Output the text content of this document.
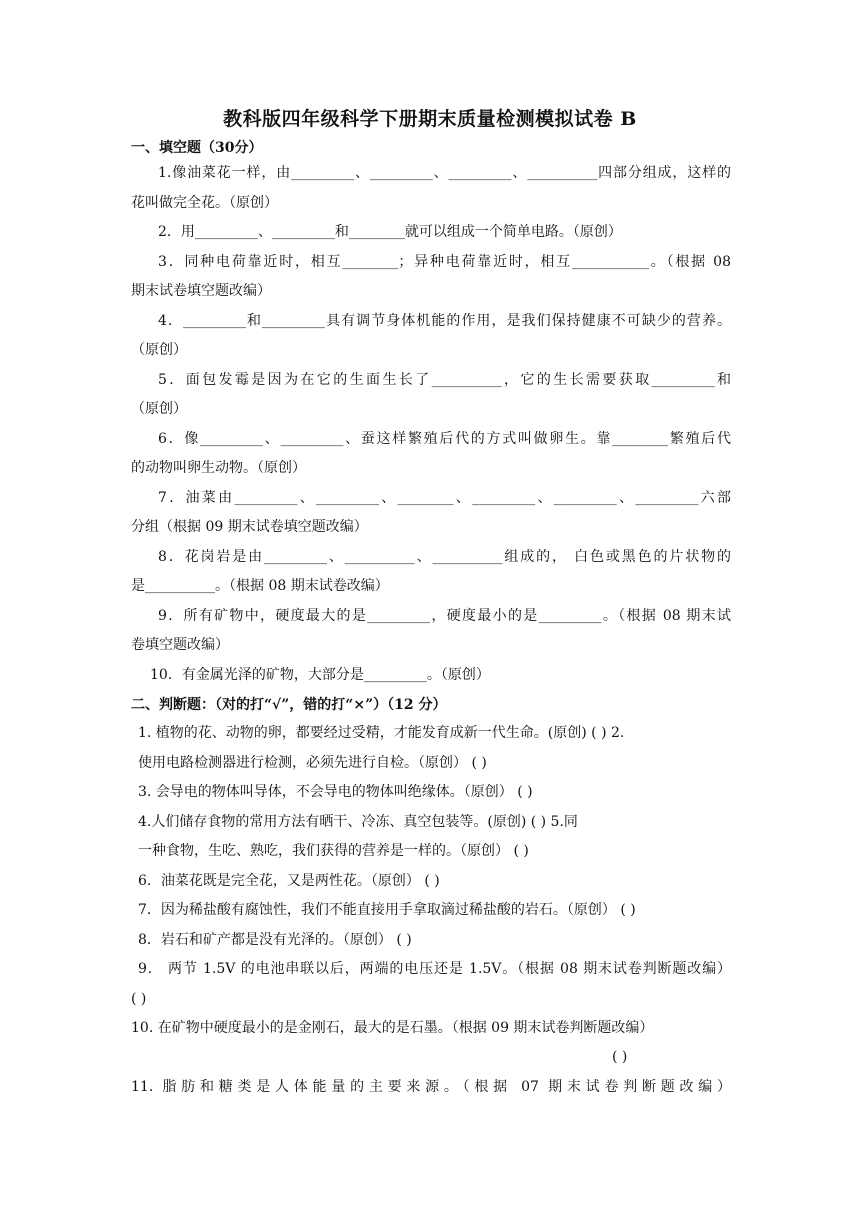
教科版四年级科学下册期末质量检测模拟试卷 B
一、填空题（30分）
1.像油菜花一样，由_________、_________、_________、__________四部分组成，这样的
花叫做完全花。（原创）
2．用_________、_________和________就可以组成一个简单电路。（原创）
3．同种电荷靠近时，相互________；异种电荷靠近时，相互___________。（根据 08
期末试卷填空题改编）
4．_________和_________具有调节身体机能的作用，是我们保持健康不可缺少的营养。
（原创）
5．面包发霉是因为在它的生面生长了__________，它的生长需要获取_________和
（原创）
6．像_________、_________、蚕这样繁殖后代的方式叫做卵生。靠________繁殖后代
的动物叫卵生动物。（原创）
7．油菜由_________、_________、________、_________、_________、_________六部
分组（根据 09 期末试卷填空题改编）
8．花岗岩是由_________、__________、__________组成的， 白色或黑色的片状物的
是__________。（根据 08 期末试卷改编）
9．所有矿物中，硬度最大的是_________，硬度最小的是_________。（根据 08 期末试
卷填空题改编）
10．有金属光泽的矿物，大部分是_________。（原创）
二、判断题：（对的打“√”，错的打“×”）（12 分）
1. 植物的花、动物的卵，都要经过受精，才能发育成新一代生命。(原创) ( ) 2.
使用电路检测器进行检测，必须先进行自检。（原创） ( )
3. 会导电的物体叫导体，不会导电的物体叫绝缘体。（原创） ( )
4.人们储存食物的常用方法有晒干、冷冻、真空包装等。(原创) ( ) 5.同
一种食物，生吃、熟吃，我们获得的营养是一样的。（原创） ( )
6．油菜花既是完全花，又是两性花。（原创） ( )
7．因为稀盐酸有腐蚀性，我们不能直接用手拿取滴过稀盐酸的岩石。（原创） ( )
8．岩石和矿产都是没有光泽的。（原创） ( )
9． 两节 1.5V 的电池串联以后，两端的电压还是 1.5V。（根据 08 期末试卷判断题改编）
( )
10. 在矿物中硬度最小的是金刚石，最大的是石墨。（根据 09 期末试卷判断题改编）
( )
11. 脂肪和糖类是人体能量的主要来源。（根据 07 期末试卷判断题改编）
